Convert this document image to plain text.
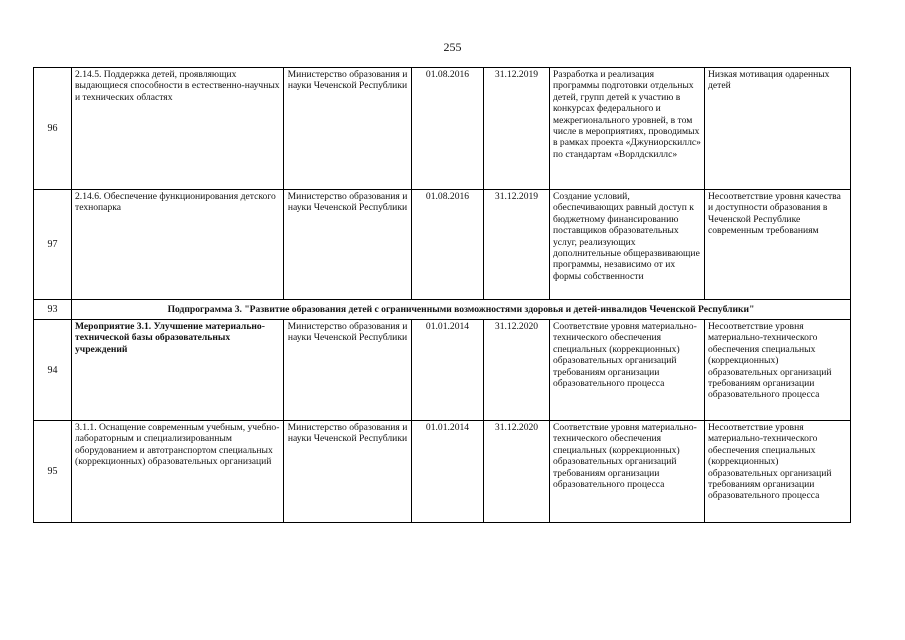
255
96	2.14.5. Поддержка детей, проявляющих выдающиеся способности в естественно-научных и технических областях	Министерство образования и науки Чеченской Республики	01.08.2016	31.12.2019	Разработка и реализация программы подготовки отдельных детей, групп детей к участию в конкурсах федерального и межрегионального уровней, в том числе в мероприятиях, проводимых в рамках проекта «Джуниорскиллс» по стандартам «Ворлдскиллс»	Низкая мотивация одаренных детей
97	2.14.6. Обеспечение функционирования детского технопарка	Министерство образования и науки Чеченской Республики	01.08.2016	31.12.2019	Создание условий, обеспечивающих равный доступ к бюджетному финансированию поставщиков образовательных услуг, реализующих дополнительные общеразвивающие программы, независимо от их формы собственности	Несоответствие уровня качества и доступности образования в Чеченской Республике современным требованиям
93	Подпрограмма 3. "Развитие образования детей с ограниченными возможностями здоровья и детей-инвалидов Чеченской Республики"					
94	Мероприятие 3.1. Улучшение материально-технической базы образовательных учреждений	Министерство образования и науки Чеченской Республики	01.01.2014	31.12.2020	Соответствие уровня материально-технического обеспечения специальных (коррекционных) образовательных организаций требованиям организации образовательного процесса	Несоответствие уровня материально-технического обеспечения специальных (коррекционных) образовательных организаций требованиям организации образовательного процесса
95	3.1.1. Оснащение современным учебным, учебно-лабораторным и специализированным оборудованием и автотранспортом специальных (коррекционных) образовательных организаций	Министерство образования и науки Чеченской Республики	01.01.2014	31.12.2020	Соответствие уровня материально-технического обеспечения специальных (коррекционных) образовательных организаций требованиям организации образовательного процесса	Несоответствие уровня материально-технического обеспечения специальных (коррекционных) образовательных организаций требованиям организации образовательного процесса
